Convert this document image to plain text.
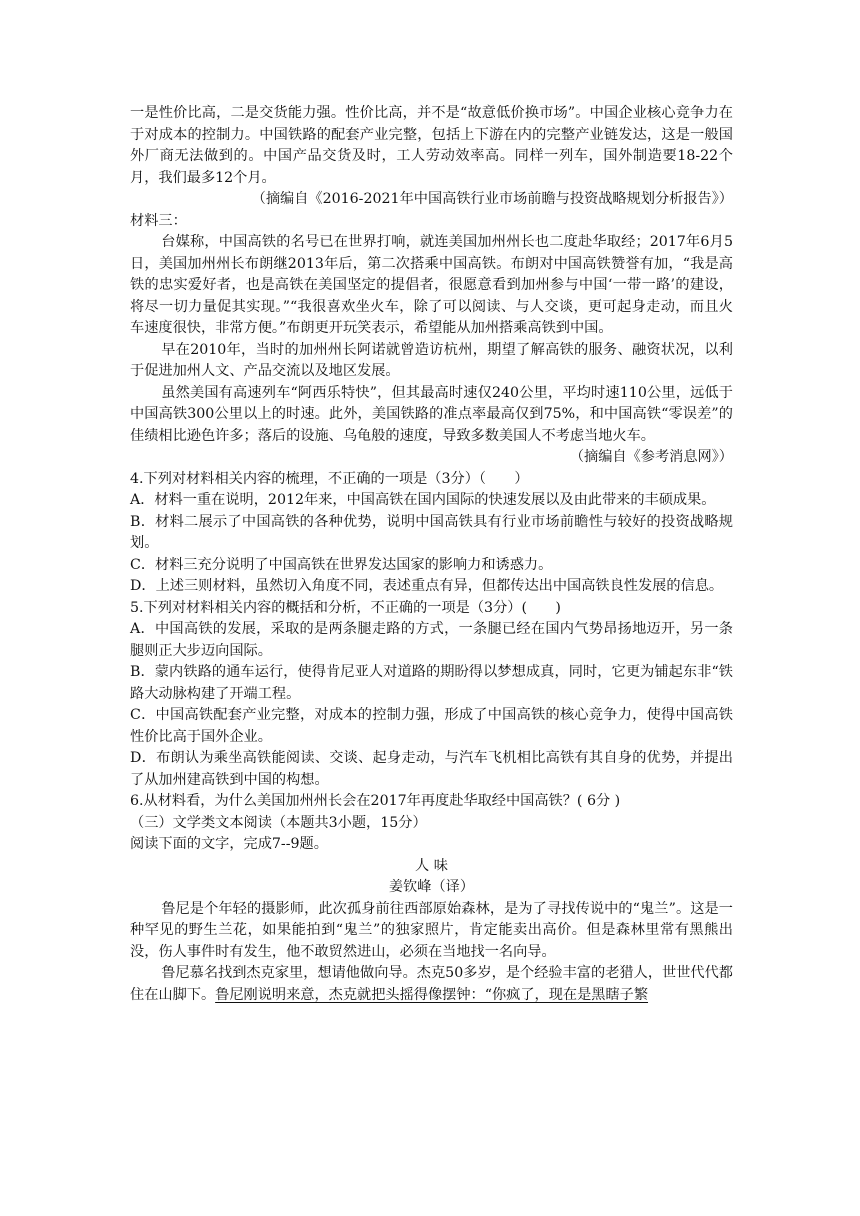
一是性价比高，二是交货能力强。性价比高，并不是“故意低价换市场”。中国企业核心竞争力在于对成本的控制力。中国铁路的配套产业完整，包括上下游在内的完整产业链发达，这是一般国外厂商无法做到的。中国产品交货及时，工人劳动效率高。同样一列车，国外制造要18-22个月，我们最多12个月。

（摘编自《2016-2021年中国高铁行业市场前瞻与投资战略规划分析报告》）

材料三：

台媒称，中国高铁的名号已在世界打响，就连美国加州州长也二度赴华取经；2017年6月5日，美国加州州长布朗继2013年后，第二次搭乘中国高铁。布朗对中国高铁赞誉有加，“我是高铁的忠实爱好者，也是高铁在美国坚定的提倡者，很愿意看到加州参与中国‘一带一路’的建设，将尽一切力量促其实现。”“我很喜欢坐火车，除了可以阅读、与人交谈，更可起身走动，而且火车速度很快，非常方便。”布朗更开玩笑表示，希望能从加州搭乘高铁到中国。

早在2010年，当时的加州州长阿诺就曾造访杭州，期望了解高铁的服务、融资状况，以利于促进加州人文、产品交流以及地区发展。

虽然美国有高速列车“阿西乐特快”，但其最高时速仅240公里，平均时速110公里，远低于中国高铁300公里以上的时速。此外，美国铁路的准点率最高仅到75%，和中国高铁“零误差”的佳绩相比逊色许多；落后的设施、乌龟般的速度，导致多数美国人不考虑当地火车。

（摘编自《参考消息网》）

4.下列对材料相关内容的梳理，不正确的一项是（3分）（　　）

A．材料一重在说明，2012年来，中国高铁在国内国际的快速发展以及由此带来的丰硕成果。

B．材料二展示了中国高铁的各种优势，说明中国高铁具有行业市场前瞻性与较好的投资战略规划。

C．材料三充分说明了中国高铁在世界发达国家的影响力和诱惑力。

D．上述三则材料，虽然切入角度不同，表述重点有异，但都传达出中国高铁良性发展的信息。

5.下列对材料相关内容的概括和分析，不正确的一项是（3分）(　　)

A．中国高铁的发展，采取的是两条腿走路的方式，一条腿已经在国内气势昂扬地迈开，另一条腿则正大步迈向国际。

B．蒙内铁路的通车运行，使得肯尼亚人对道路的期盼得以梦想成真，同时，它更为铺起东非“铁路大动脉构建了开端工程。

C．中国高铁配套产业完整，对成本的控制力强，形成了中国高铁的核心竞争力，使得中国高铁性价比高于国外企业。

D．布朗认为乘坐高铁能阅读、交谈、起身走动，与汽车飞机相比高铁有其自身的优势，并提出了从加州建高铁到中国的构想。

6.从材料看，为什么美国加州州长会在2017年再度赴华取经中国高铁？( 6分 )

（三）文学类文本阅读（本题共3小题，15分）

阅读下面的文字，完成7--9题。

人 味

姜钦峰（译）

鲁尼是个年轻的摄影师，此次孤身前往西部原始森林，是为了寻找传说中的“鬼兰”。这是一种罕见的野生兰花，如果能拍到“鬼兰”的独家照片，肯定能卖出高价。但是森林里常有黑熊出没，伤人事件时有发生，他不敢贸然进山，必须在当地找一名向导。

鲁尼慕名找到杰克家里，想请他做向导。杰克50多岁，是个经验丰富的老猎人，世世代代都住在山脚下。鲁尼刚说明来意，杰克就把头摇得像摆钟：“你疯了，现在是黑瞎子繁
